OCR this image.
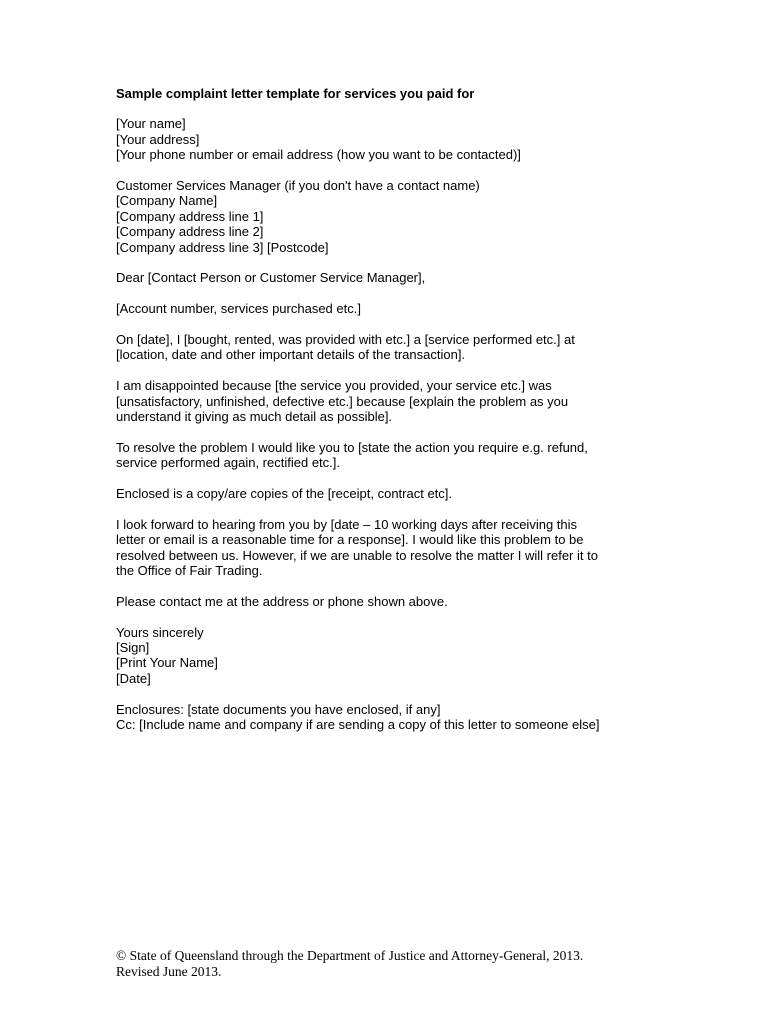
Sample complaint letter template for services you paid for
[Your name]
[Your address]
[Your phone number or email address (how you want to be contacted)]
Customer Services Manager (if you don't have a contact name)
[Company Name]
[Company address line 1]
[Company address line 2]
[Company address line 3] [Postcode]
Dear [Contact Person or Customer Service Manager],
[Account number, services purchased etc.]
On [date], I [bought, rented, was provided with etc.] a [service performed etc.] at
[location, date and other important details of the transaction].
I am disappointed because [the service you provided, your service etc.] was
[unsatisfactory, unfinished, defective etc.] because [explain the problem as you
understand it giving as much detail as possible].
To resolve the problem I would like you to [state the action you require e.g. refund,
service performed again, rectified etc.].
Enclosed is a copy/are copies of the [receipt, contract etc].
I look forward to hearing from you by [date – 10 working days after receiving this
letter or email is a reasonable time for a response]. I would like this problem to be
resolved between us. However, if we are unable to resolve the matter I will refer it to
the Office of Fair Trading.
Please contact me at the address or phone shown above.
Yours sincerely
[Sign]
[Print Your Name]
[Date]
Enclosures: [state documents you have enclosed, if any]
Cc: [Include name and company if are sending a copy of this letter to someone else]
© State of Queensland through the Department of Justice and Attorney-General, 2013.
Revised June 2013.
